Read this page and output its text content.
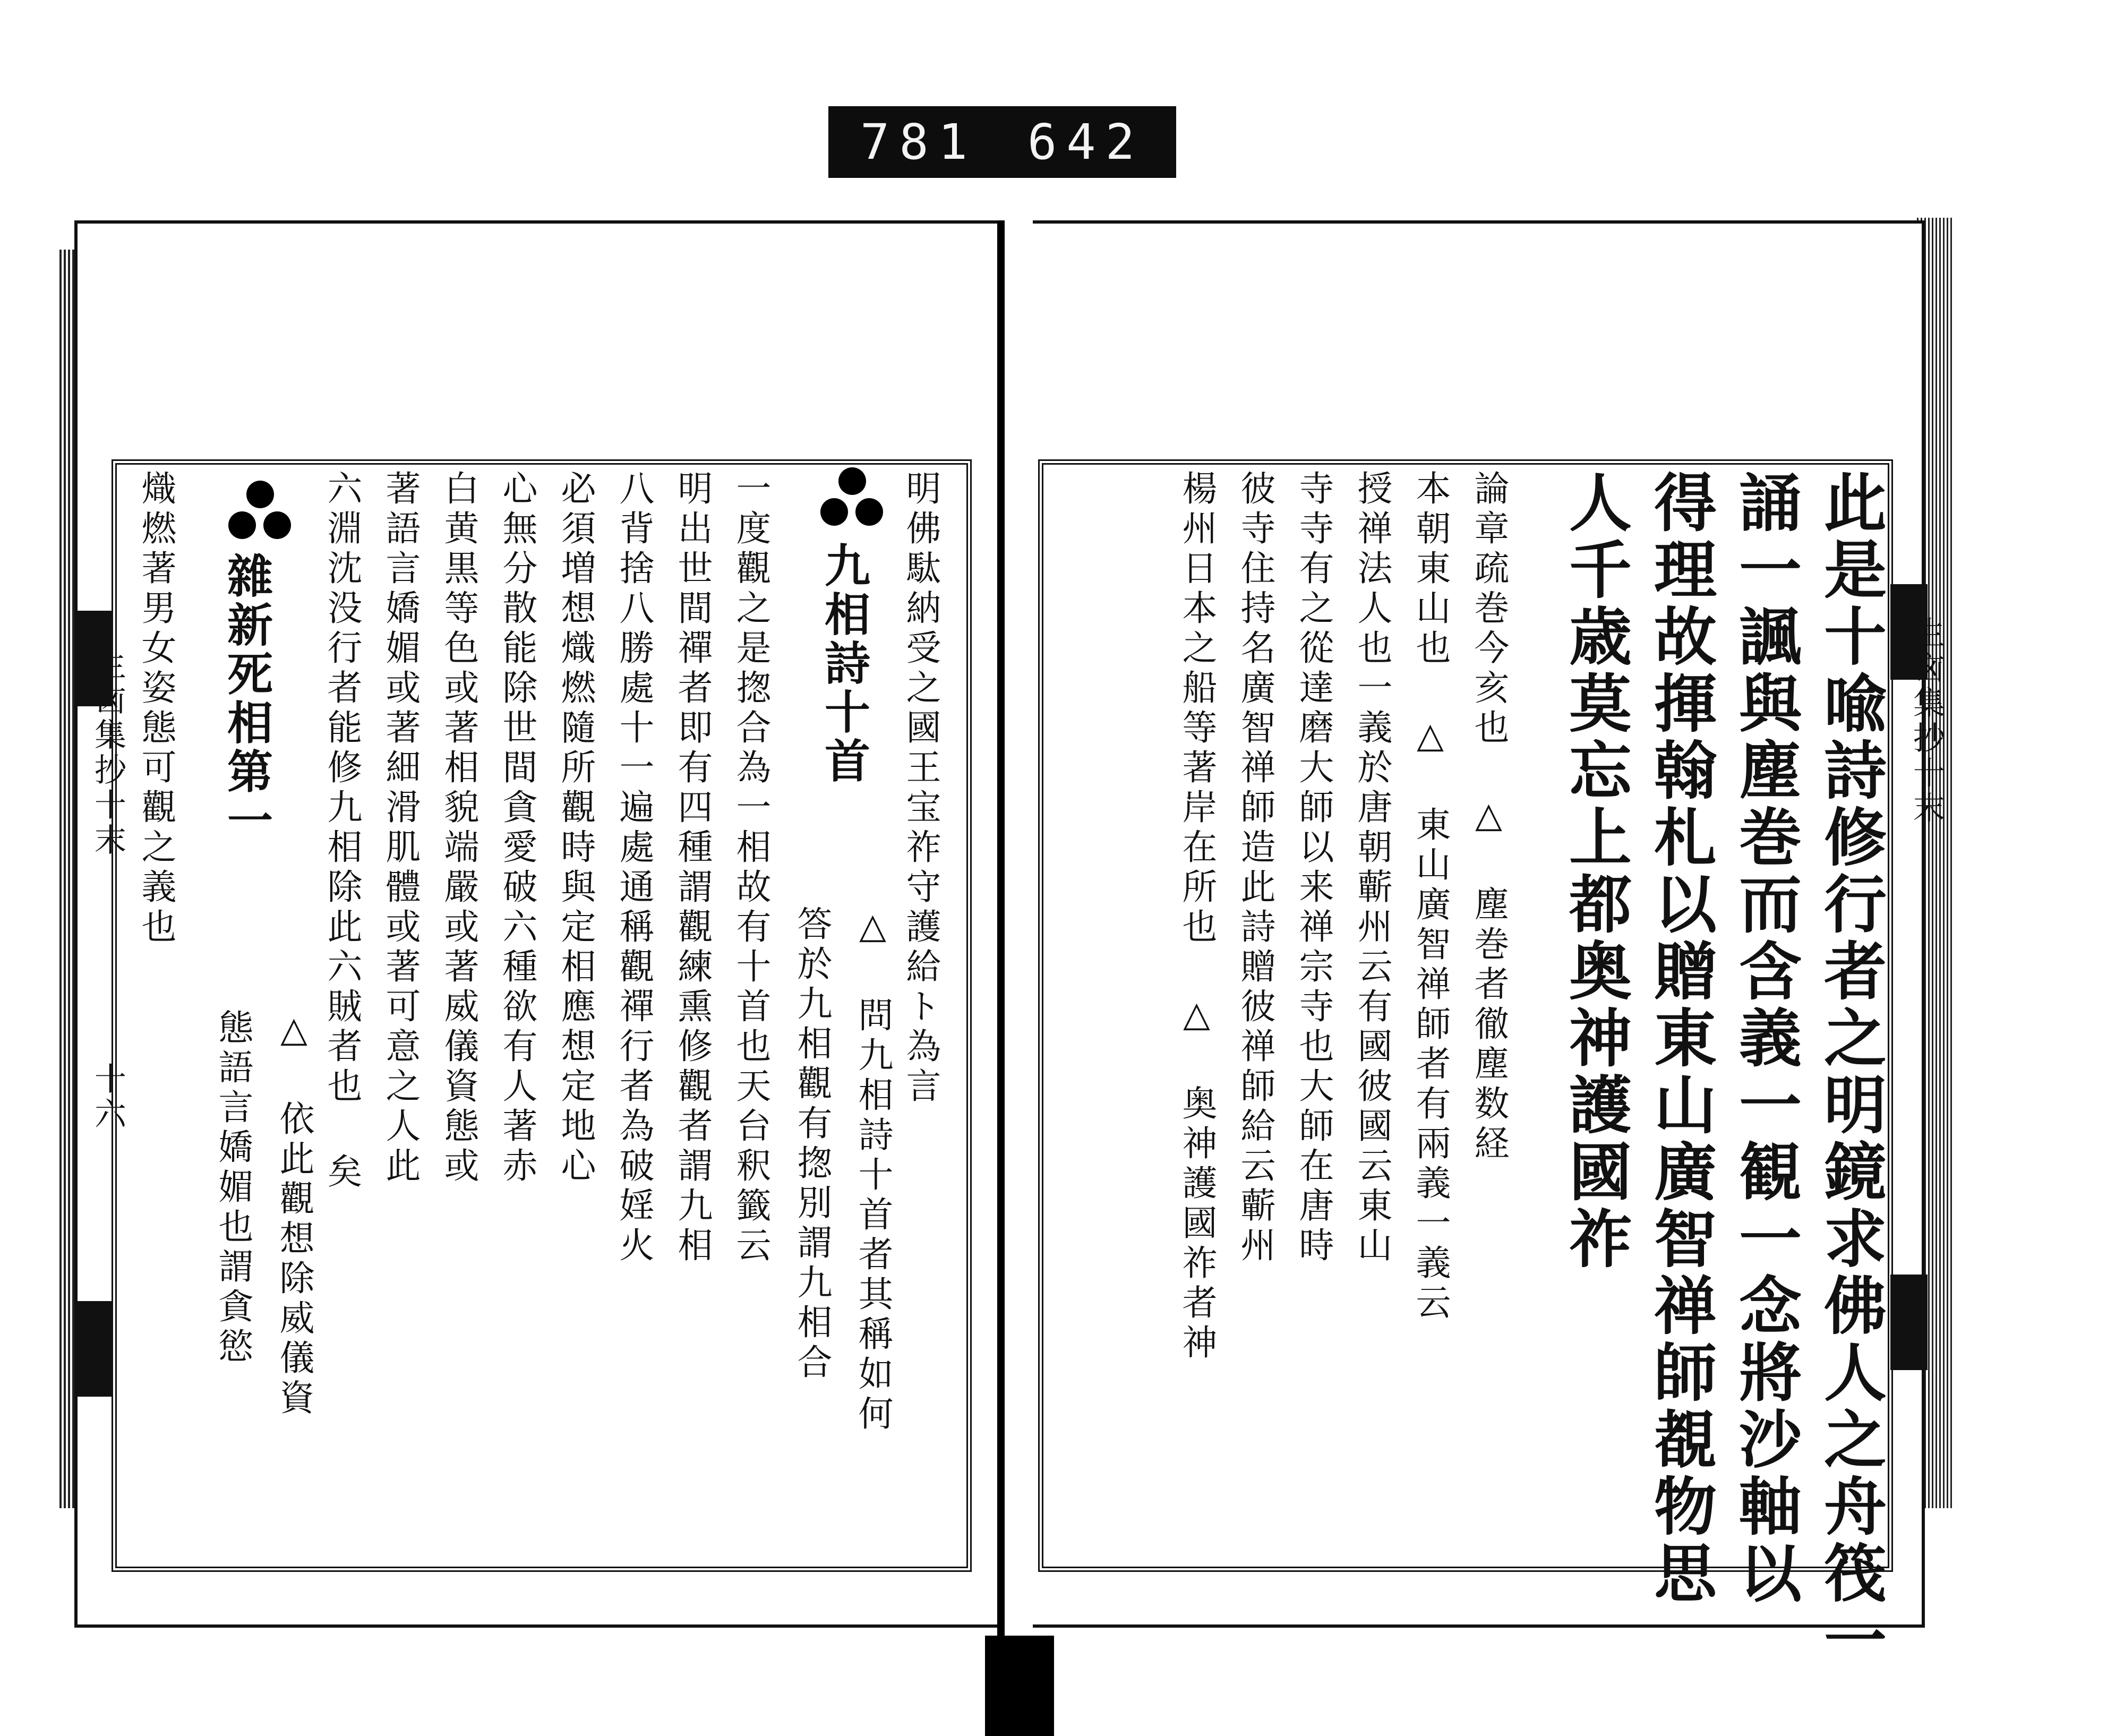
781 642
生㐫集抄十末
十六
生㐫集抄十末
此是十喩詩修行者之明鏡求佛人之舟筏一
誦一諷與塵巻而含義一観一念將沙軸以
得理故揮翰札以贈東山廣智禅師覩物思
人千歳莫忘上都奥神護國祚
論章疏巻今亥也 △ 塵巻者徹塵数経
本朝東山也 △ 東山廣智禅師者有兩義一義云
授禅法人也一義於唐朝蘄州云有國彼國云東山
寺寺有之從達磨大師以来禅宗寺也大師在唐時
彼寺住持名廣智禅師造此詩贈彼禅師給云蘄州
楊州日本之船等著岸在所也 △ 奥神護國祚者神
明佛駄納受之國王宝祚守護給ト為言
九相詩十首
△ 問九相詩十首者其稱如何
答於九相觀有揔別謂九相合
一度觀之是揔合為一相故有十首也天台釈籤云
明出世間禪者即有四種謂觀練熏修觀者謂九相
八背捨八勝處十一遍處通稱觀禪行者為破婬火
必須増想熾燃隨所觀時與定相應想定地心
心無分散能除世間貪愛破六種欲有人著赤
白黄黒等色或著相貌端嚴或著威儀資態或
著語言嬌媚或著細滑肌體或著可意之人此
六淵沈没行者能修九相除此六賊者也 矣
△ 依此觀想除威儀資
態語言嬌媚也謂貪慾
雜新死相第一
熾燃著男女姿態可觀之義也
